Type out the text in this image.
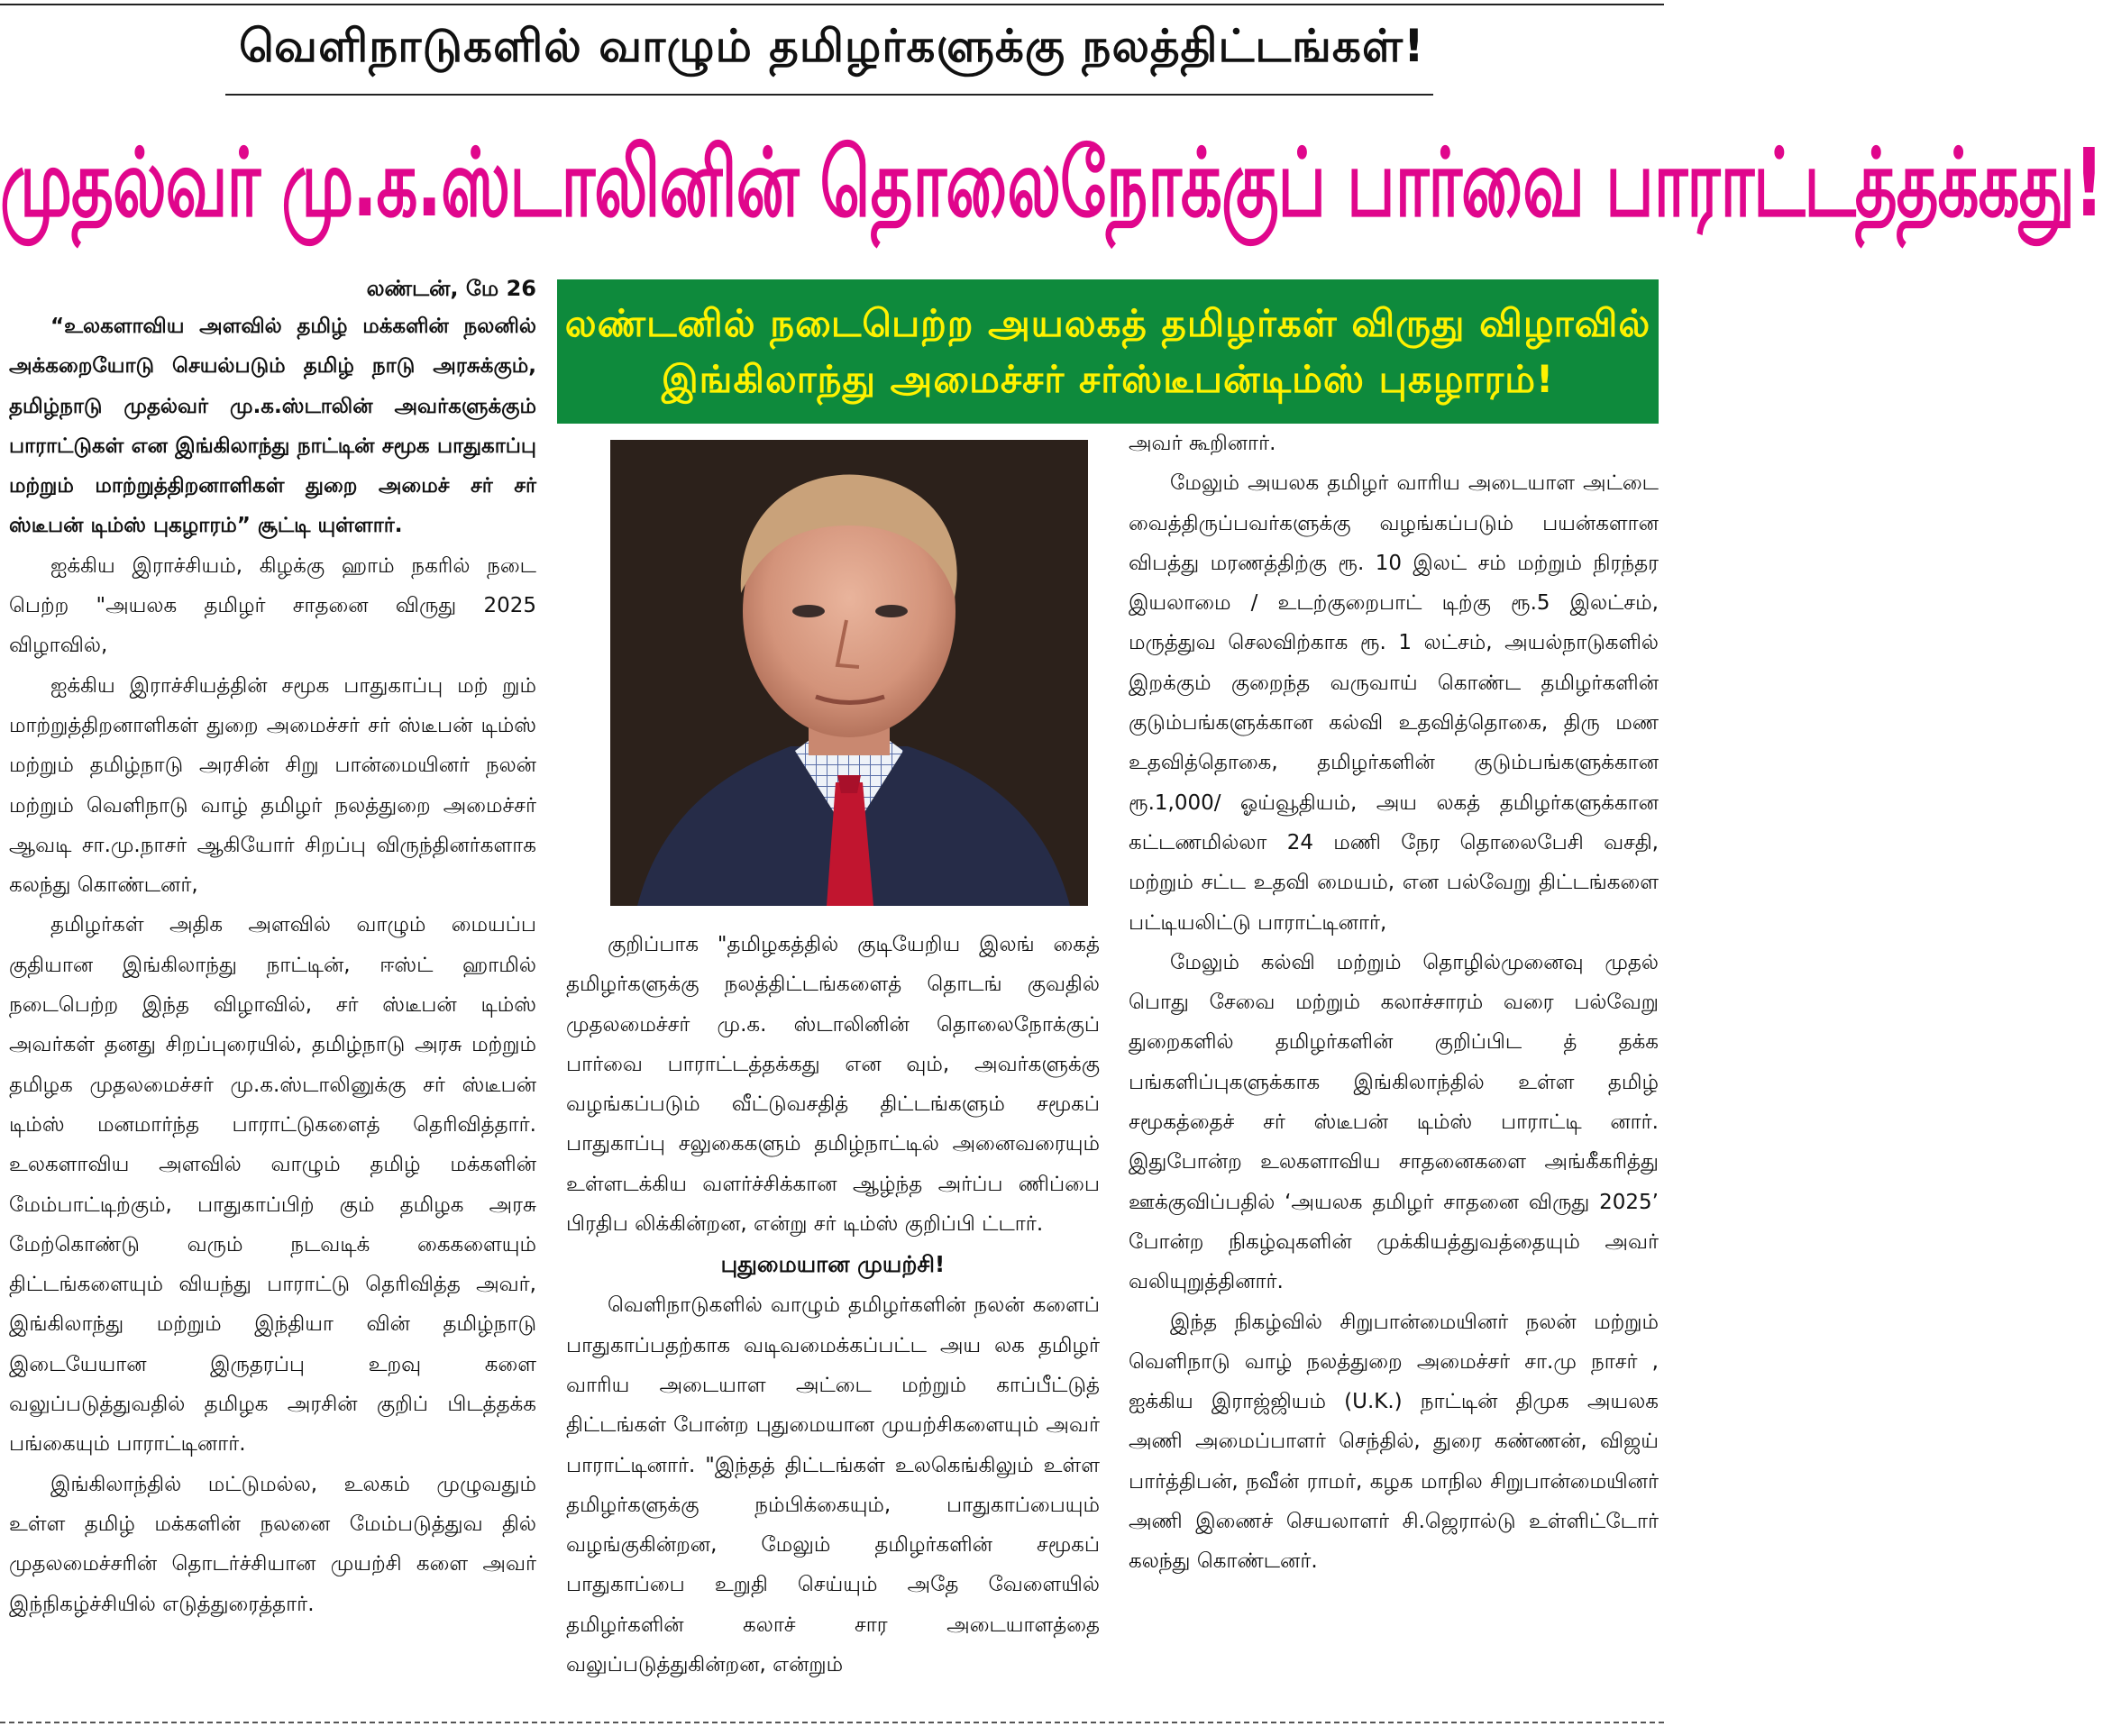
வெளிநாடுகளில் வாழும் தமிழர்களுக்கு நலத்திட்டங்கள்!
முதல்வர் மு.க.ஸ்டாலினின் தொலைநோக்குப் பார்வை பாராட்டத்தக்கது!
லண்டன், மே 26

“உலகளாவிய அளவில் தமிழ் மக்களின் நலனில் அக்கறையோடு செயல்படும் தமிழ் நாடு அரசுக்கும், தமிழ்நாடு முதல்வர் மு.க.ஸ்டாலின் அவர்களுக்கும் பாராட்டுகள் என இங்கிலாந்து நாட்டின் சமூக பாதுகாப்பு மற்றும் மாற்றுத்திறனாளிகள் துறை அமைச் சர் சர் ஸ்டீபன் டிம்ஸ் புகழாரம்” சூட்டி யுள்ளார்.

ஐக்கிய இராச்சியம், கிழக்கு ஹாம் நகரில் நடை பெற்ற "அயலக தமிழர் சாதனை விருது 2025 விழாவில்,

ஐக்கிய இராச்சியத்தின் சமூக பாதுகாப்பு மற் றும் மாற்றுத்திறனாளிகள் துறை அமைச்சர் சர் ஸ்டீபன் டிம்ஸ் மற்றும் தமிழ்நாடு அரசின் சிறு பான்மையினர் நலன் மற்றும் வெளிநாடு வாழ் தமிழர் நலத்துறை அமைச்சர் ஆவடி சா.மு.நாசர் ஆகியோர் சிறப்பு விருந்தினர்களாக கலந்து கொண்டனர்,

தமிழர்கள் அதிக அளவில் வாழும் மையப்ப குதியான இங்கிலாந்து நாட்டின், ஈஸ்ட் ஹாமில் நடைபெற்ற இந்த விழாவில், சர் ஸ்டீபன் டிம்ஸ் அவர்கள் தனது சிறப்புரையில், தமிழ்நாடு அரசு மற்றும் தமிழக முதலமைச்சர் மு.க.ஸ்டாலினுக்கு சர் ஸ்டீபன் டிம்ஸ் மனமார்ந்த பாராட்டுகளைத் தெரிவித்தார். உலகளாவிய அளவில் வாழும் தமிழ் மக்களின் மேம்பாட்டிற்கும், பாதுகாப்பிற் கும் தமிழக அரசு மேற்கொண்டு வரும் நடவடிக் கைகளையும் திட்டங்களையும் வியந்து பாராட்டு தெரிவித்த அவர், இங்கிலாந்து மற்றும் இந்தியா வின் தமிழ்நாடு இடையேயான இருதரப்பு உறவு களை வலுப்படுத்துவதில் தமிழக அரசின் குறிப் பிடத்தக்க பங்கையும் பாராட்டினார்.

இங்கிலாந்தில் மட்டுமல்ல, உலகம் முழுவதும் உள்ள தமிழ் மக்களின் நலனை மேம்படுத்துவ தில் முதலமைச்சரின் தொடர்ச்சியான முயற்சி களை அவர் இந்நிகழ்ச்சியில் எடுத்துரைத்தார்.

லண்டனில் நடைபெற்ற அயலகத் தமிழர்கள் விருது விழாவில்
இங்கிலாந்து அமைச்சர் சர்ஸ்டீபன்டிம்ஸ் புகழாரம்!

குறிப்பாக "தமிழகத்தில் குடியேறிய இலங் கைத் தமிழர்களுக்கு நலத்திட்டங்களைத் தொடங் குவதில் முதலமைச்சர் மு.க. ஸ்டாலினின் தொலைநோக்குப் பார்வை பாராட்டத்தக்கது என வும், அவர்களுக்கு வழங்கப்படும் வீட்டுவசதித் திட்டங்களும் சமூகப் பாதுகாப்பு சலுகைகளும் தமிழ்நாட்டில் அனைவரையும் உள்ளடக்கிய வளர்ச்சிக்கான ஆழ்ந்த அர்ப்ப ணிப்பை பிரதிப லிக்கின்றன, என்று சர் டிம்ஸ் குறிப்பி ட்டார்.

புதுமையான முயற்சி!

வெளிநாடுகளில் வாழும் தமிழர்களின் நலன் களைப் பாதுகாப்பதற்காக வடிவமைக்கப்பட்ட அய லக தமிழர் வாரிய அடையாள அட்டை மற்றும் காப்பீட்டுத் திட்டங்கள் போன்ற புதுமையான முயற்சிகளையும் அவர் பாராட்டினார். "இந்தத் திட்டங்கள் உலகெங்கிலும் உள்ள தமிழர்களுக்கு நம்பிக்கையும், பாதுகாப்பையும் வழங்குகின்றன, மேலும் தமிழர்களின் சமூகப் பாதுகாப்பை உறுதி செய்யும் அதே வேளையில் தமிழர்களின் கலாச் சார அடையாளத்தை வலுப்படுத்துகின்றன, என்றும்

அவர் கூறினார்.

மேலும் அயலக தமிழர் வாரிய அடையாள அட்டை வைத்திருப்பவர்களுக்கு வழங்கப்படும் பயன்களான விபத்து மரணத்திற்கு ரூ. 10 இலட் சம் மற்றும் நிரந்தர இயலாமை / உடற்குறைபாட் டிற்கு ரூ.5 இலட்சம், மருத்துவ செலவிற்காக ரூ. 1 லட்சம், அயல்நாடுகளில் இறக்கும் குறைந்த வருவாய் கொண்ட தமிழர்களின் குடும்பங்களுக்கான கல்வி உதவித்தொகை, திரு மண உதவித்தொகை, தமிழர்களின் குடும்பங்களுக்கான ரூ.1,000/ ஓய்வூதியம், அய லகத் தமிழர்களுக்கான கட்டணமில்லா 24 மணி நேர தொலைபேசி வசதி, மற்றும் சட்ட உதவி மையம், என பல்வேறு திட்டங்களை பட்டியலிட்டு பாராட்டினார்,

மேலும் கல்வி மற்றும் தொழில்முனைவு முதல் பொது சேவை மற்றும் கலாச்சாரம் வரை பல்வேறு துறைகளில் தமிழர்களின் குறிப்பிட த் தக்க பங்களிப்புகளுக்காக இங்கிலாந்தில் உள்ள தமிழ் சமூகத்தைச் சர் ஸ்டீபன் டிம்ஸ் பாராட்டி னார். இதுபோன்ற உலகளாவிய சாதனைகளை அங்கீகரித்து ஊக்குவிப்பதில் ‘அயலக தமிழர் சாதனை விருது 2025’ போன்ற நிகழ்வுகளின் முக்கியத்துவத்தையும் அவர் வலியுறுத்தினார்.

இந்த நிகழ்வில் சிறுபான்மையினர் நலன் மற்றும் வெளிநாடு வாழ் நலத்துறை அமைச்சர் சா.மு நாசர் , ஐக்கிய இராஜ்ஜியம் (U.K.) நாட்டின் திமுக அயலக அணி அமைப்பாளர் செந்தில், துரை கண்ணன், விஜய் பார்த்திபன், நவீன் ராமர், கழக மாநில சிறுபான்மையினர் அணி இணைச் செயலாளர் சி.ஜெரால்டு உள்ளிட்டோர் கலந்து கொண்டனர்.
